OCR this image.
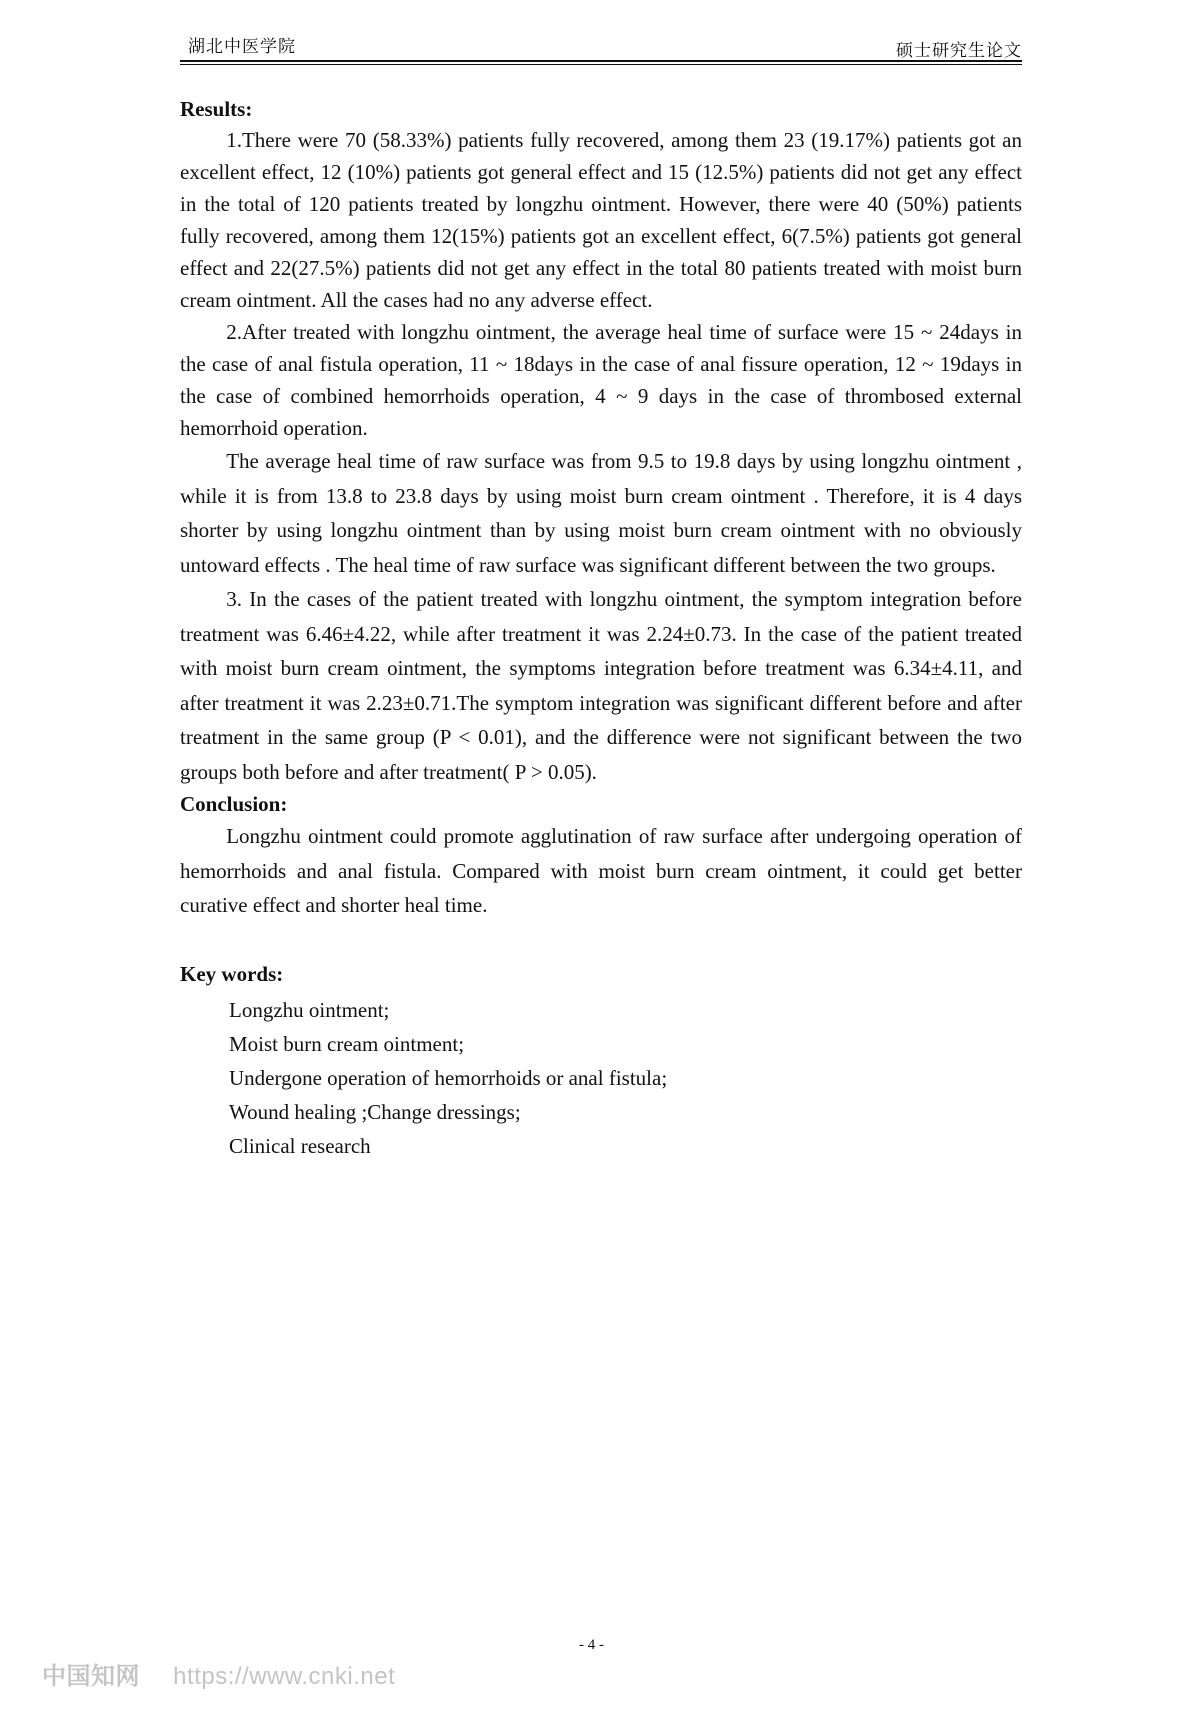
湖北中医学院	硕士研究生论文
Results:

1.There were 70 (58.33%) patients fully recovered, among them 23 (19.17%) patients got an excellent effect, 12 (10%) patients got general effect and 15 (12.5%) patients did not get any effect in the total of 120 patients treated by longzhu ointment. However, there were 40 (50%) patients fully recovered, among them 12(15%) patients got an excellent effect, 6(7.5%) patients got general effect and 22(27.5%) patients did not get any effect in the total 80 patients treated with moist burn cream ointment. All the cases had no any adverse effect.

2.After treated with longzhu ointment, the average heal time of surface were 15 ~ 24days in the case of anal fistula operation, 11 ~ 18days in the case of anal fissure operation, 12 ~ 19days in the case of combined hemorrhoids operation, 4 ~ 9 days in the case of thrombosed external hemorrhoid operation.

The average heal time of raw surface was from 9.5 to 19.8 days by using longzhu ointment , while it is from 13.8 to 23.8 days by using moist burn cream ointment . Therefore, it is 4 days shorter by using longzhu ointment than by using moist burn cream ointment with no obviously untoward effects . The heal time of raw surface was significant different between the two groups.

3. In the cases of the patient treated with longzhu ointment, the symptom integration before treatment was 6.46±4.22, while after treatment it was 2.24±0.73. In the case of the patient treated with moist burn cream ointment, the symptoms integration before treatment was 6.34±4.11, and after treatment it was 2.23±0.71.The symptom integration was significant different before and after treatment in the same group (P < 0.01), and the difference were not significant between the two groups both before and after treatment( P > 0.05).

Conclusion:

Longzhu ointment could promote agglutination of raw surface after undergoing operation of hemorrhoids and anal fistula. Compared with moist burn cream ointment, it could get better curative effect and shorter heal time.

Key words:
Longzhu ointment;
Moist burn cream ointment;
Undergone operation of hemorrhoids or anal fistula;
Wound healing ;Change dressings;
Clinical research
- 4 -
中国知网 https://www.cnki.net
